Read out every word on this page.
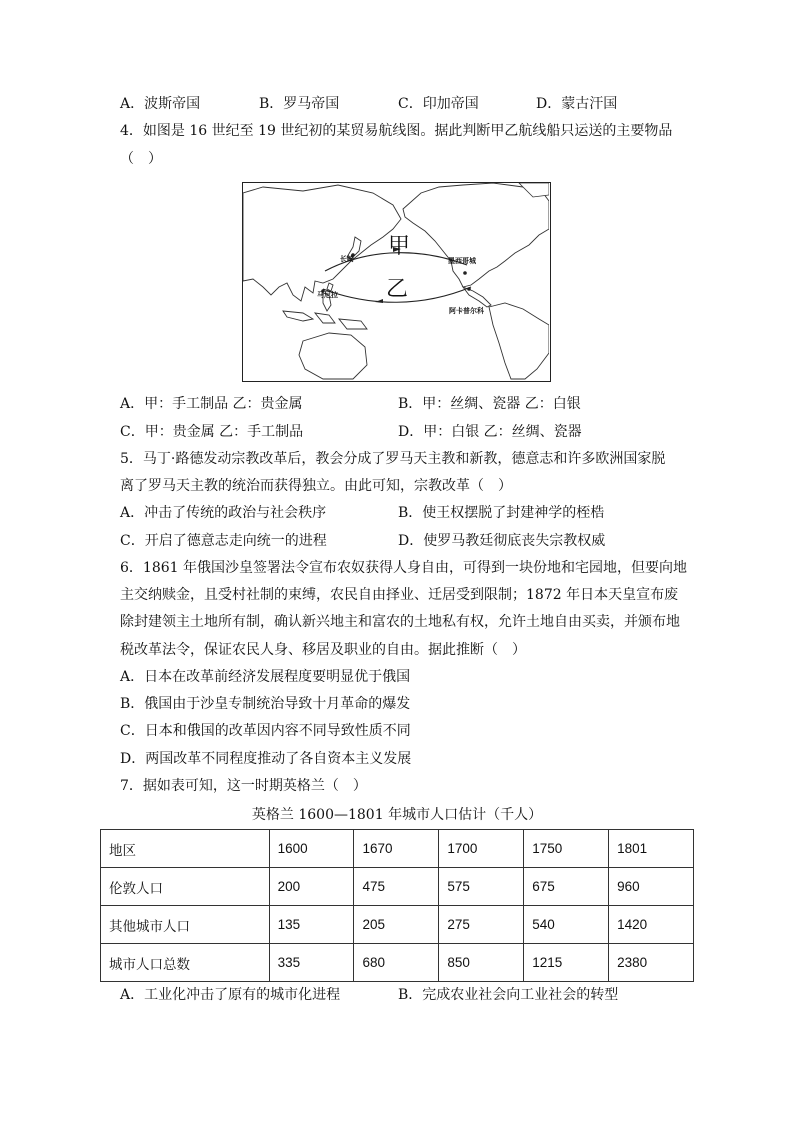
A．波斯帝国	B．罗马帝国	C．印加帝国	D．蒙古汗国
4．如图是 16 世纪至 19 世纪初的某贸易航线图。据此判断甲乙航线船只运送的主要物品
（　）
甲
乙
长崎
马尼拉
墨西哥城
阿卡普尔科
A．甲：手工制品 乙：贵金属	B．甲：丝绸、瓷器 乙：白银
C．甲：贵金属 乙：手工制品	D．甲：白银 乙：丝绸、瓷器
5．马丁·路德发动宗教改革后，教会分成了罗马天主教和新教，德意志和许多欧洲国家脱
离了罗马天主教的统治而获得独立。由此可知，宗教改革（　）
A．冲击了传统的政治与社会秩序	B．使王权摆脱了封建神学的桎梏
C．开启了德意志走向统一的进程	D．使罗马教廷彻底丧失宗教权威
6．1861 年俄国沙皇签署法令宣布农奴获得人身自由，可得到一块份地和宅园地，但要向地
主交纳赎金，且受村社制的束缚，农民自由择业、迁居受到限制；1872 年日本天皇宣布废
除封建领主土地所有制，确认新兴地主和富农的土地私有权，允许土地自由买卖，并颁布地
税改革法令，保证农民人身、移居及职业的自由。据此推断（　）
A．日本在改革前经济发展程度要明显优于俄国
B．俄国由于沙皇专制统治导致十月革命的爆发
C．日本和俄国的改革因内容不同导致性质不同
D．两国改革不同程度推动了各自资本主义发展
7．据如表可知，这一时期英格兰（　）
英格兰 1600—1801 年城市人口估计（千人）
地区	1600	1670	1700	1750	1801
伦敦人口	200	475	575	675	960
其他城市人口	135	205	275	540	1420
城市人口总数	335	680	850	1215	2380
A．工业化冲击了原有的城市化进程	B．完成农业社会向工业社会的转型
